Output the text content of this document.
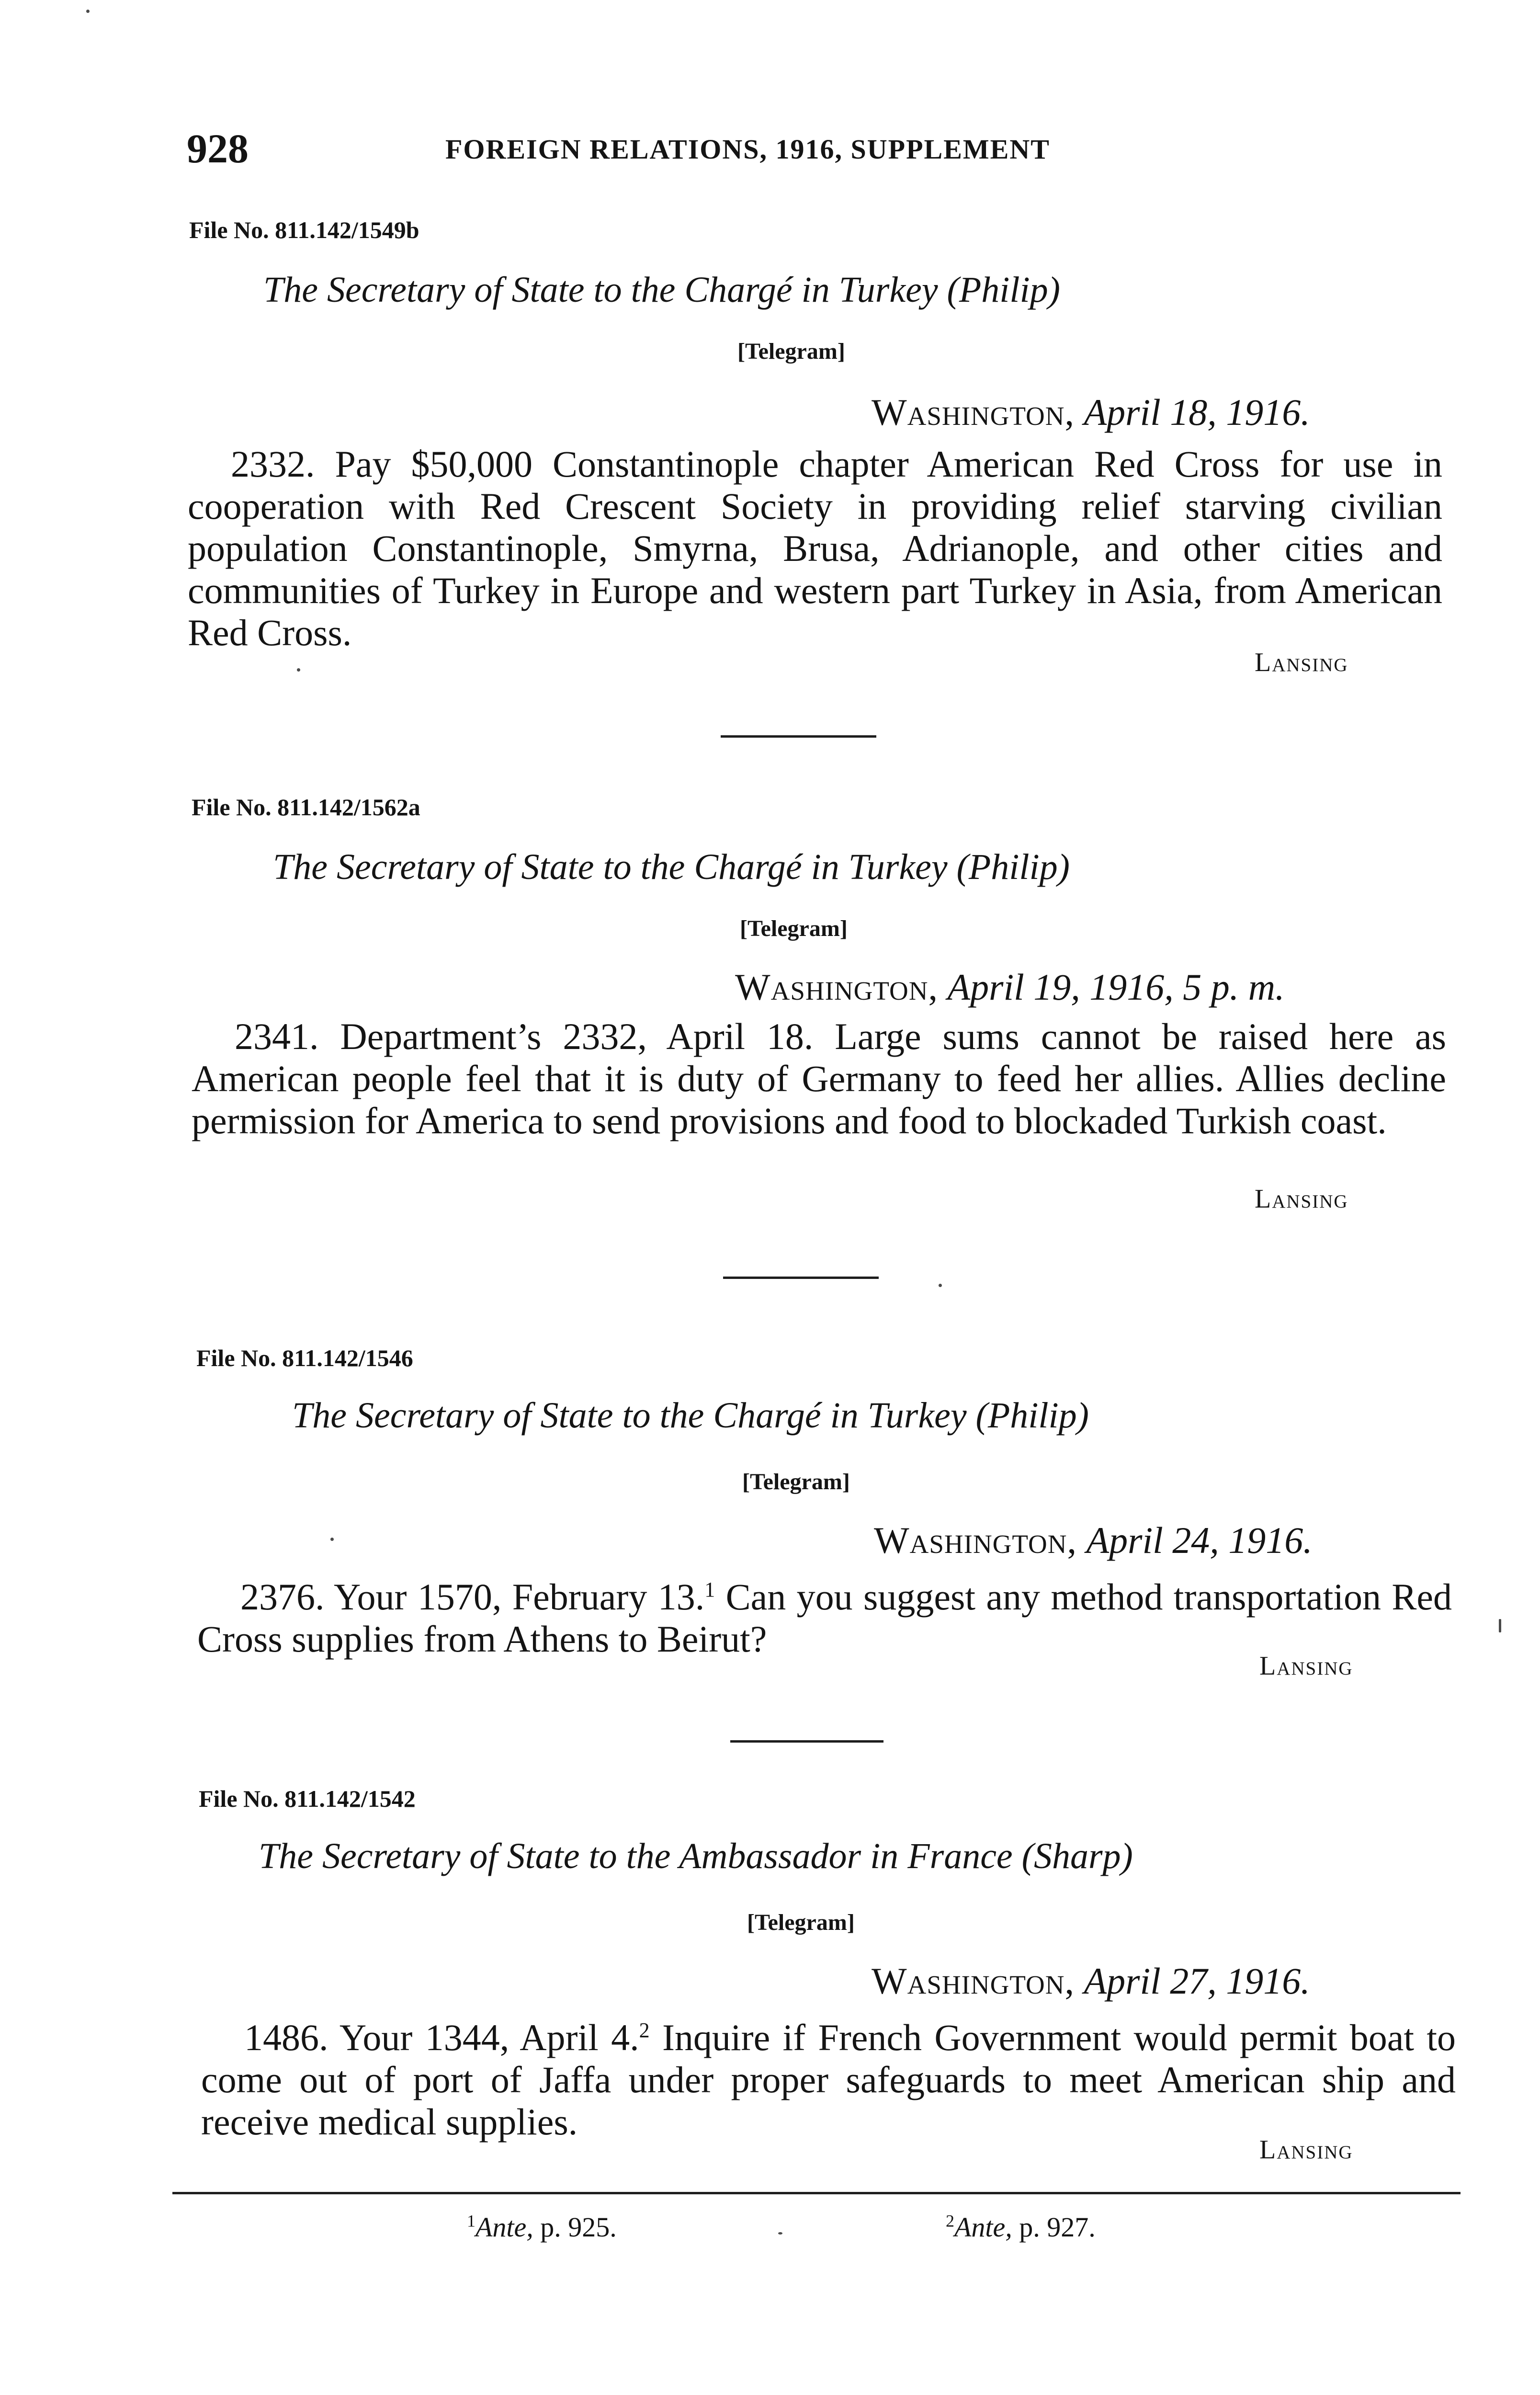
928	FOREIGN RELATIONS, 1916, SUPPLEMENT
File No. 811.142/1549b
The Secretary of State to the Chargé in Turkey (Philip)
[Telegram]
Washington, April 18, 1916.
2332. Pay $50,000 Constantinople chapter American Red Cross for use in cooperation with Red Crescent Society in providing relief starving civilian population Constantinople, Smyrna, Brusa, Adrianople, and other cities and communities of Turkey in Europe and western part Turkey in Asia, from American Red Cross.
Lansing
File No. 811.142/1562a
The Secretary of State to the Chargé in Turkey (Philip)
[Telegram]
Washington, April 19, 1916, 5 p. m.
2341. Department’s 2332, April 18. Large sums cannot be raised here as American people feel that it is duty of Germany to feed her allies. Allies decline permission for America to send provisions and food to blockaded Turkish coast.
Lansing
File No. 811.142/1546
The Secretary of State to the Chargé in Turkey (Philip)
[Telegram]
Washington, April 24, 1916.
2376. Your 1570, February 13.$^1$ Can you suggest any method transportation Red Cross supplies from Athens to Beirut?
Lansing
File No. 811.142/1542
The Secretary of State to the Ambassador in France (Sharp)
[Telegram]
Washington, April 27, 1916.
1486. Your 1344, April 4.$^2$ Inquire if French Government would permit boat to come out of port of Jaffa under proper safeguards to meet American ship and receive medical supplies.
Lansing
$^1$Ante, p. 925.	$^2$Ante, p. 927.
